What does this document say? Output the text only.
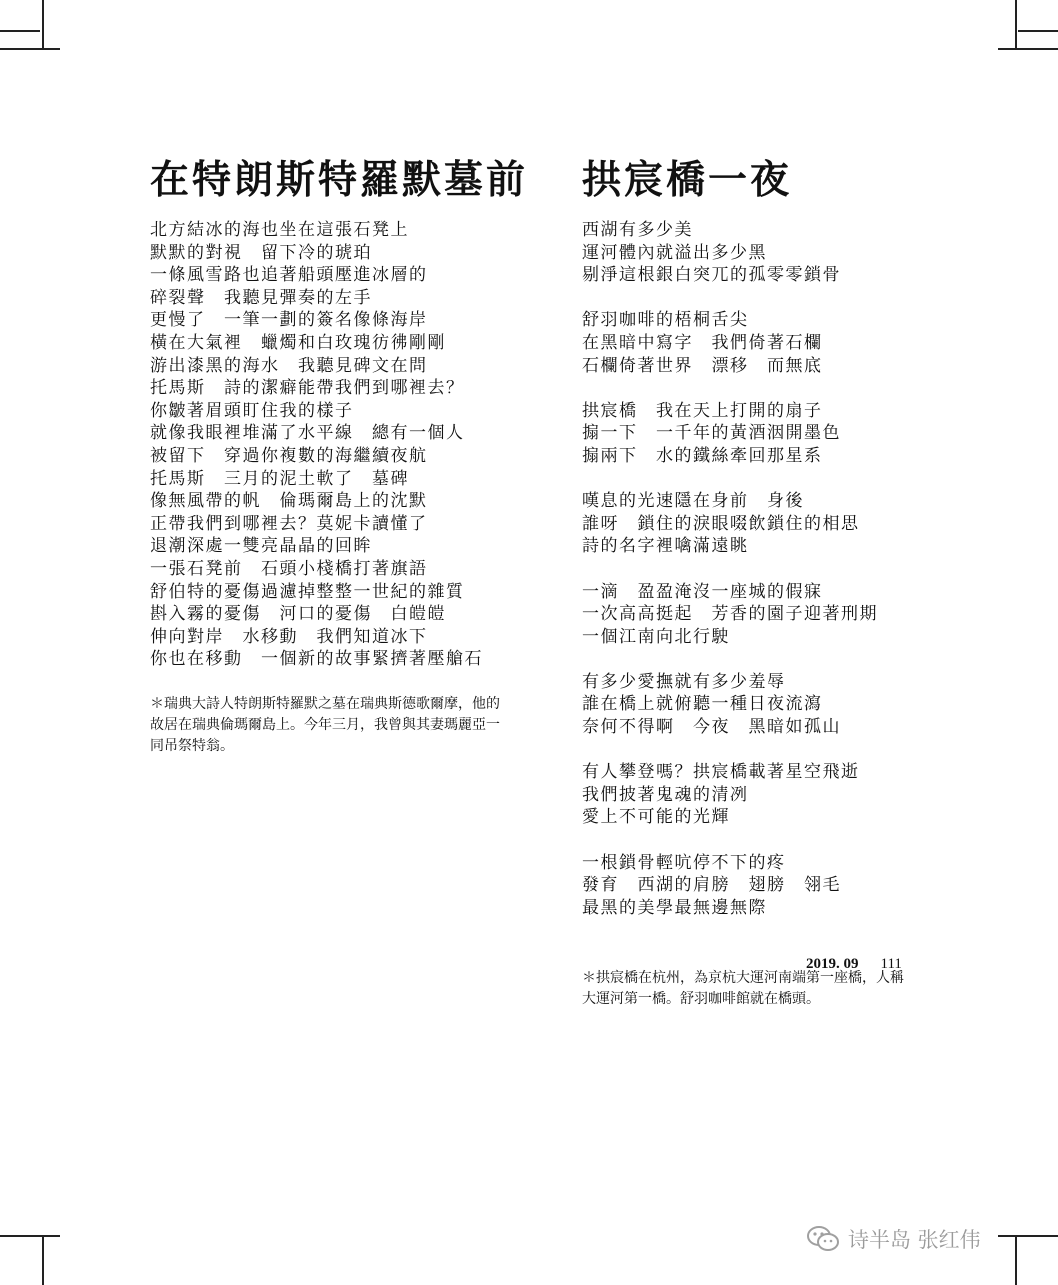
在特朗斯特羅默墓前
北方結冰的海也坐在這張石凳上
默默的對視　留下冷的琥珀
一條風雪路也追著船頭壓進冰層的
碎裂聲　我聽見彈奏的左手
更慢了　一筆一劃的簽名像條海岸
橫在大氣裡　蠟燭和白玫瑰彷彿剛剛
游出漆黑的海水　我聽見碑文在問
托馬斯　詩的潔癖能帶我們到哪裡去？
你皺著眉頭盯住我的樣子
就像我眼裡堆滿了水平線　總有一個人
被留下　穿過你複數的海繼續夜航
托馬斯　三月的泥土軟了　墓碑
像無風帶的帆　倫瑪爾島上的沈默
正帶我們到哪裡去？莫妮卡讀懂了
退潮深處一雙亮晶晶的回眸
一張石凳前　石頭小棧橋打著旗語
舒伯特的憂傷過濾掉整整一世紀的雜質
斟入霧的憂傷　河口的憂傷　白皚皚
伸向對岸　水移動　我們知道冰下
你也在移動　一個新的故事緊擠著壓艙石
＊瑞典大詩人特朗斯特羅默之墓在瑞典斯德歌爾摩，他的
故居在瑞典倫瑪爾島上。今年三月，我曾與其妻瑪麗亞一
同吊祭特翁。
拱宸橋一夜
西湖有多少美
運河體內就溢出多少黑
剔淨這根銀白突兀的孤零零鎖骨
舒羽咖啡的梧桐舌尖
在黑暗中寫字　我們倚著石欄
石欄倚著世界　漂移　而無底
拱宸橋　我在天上打開的扇子
搧一下　一千年的黃酒洇開墨色
搧兩下　水的鐵絲牽回那星系
嘆息的光速隱在身前　身後
誰呀　鎖住的淚眼啜飲鎖住的相思
詩的名字裡噙滿遠眺
一滴　盈盈淹沒一座城的假寐
一次高高挺起　芳香的園子迎著刑期
一個江南向北行駛
有多少愛撫就有多少羞辱
誰在橋上就俯聽一種日夜流瀉
奈何不得啊　今夜　黑暗如孤山
有人攀登嗎？拱宸橋載著星空飛逝
我們披著鬼魂的清冽
愛上不可能的光輝
一根鎖骨輕吭停不下的疼
發育　西湖的肩膀　翅膀　翎毛
最黑的美學最無邊無際
＊拱宸橋在杭州，為京杭大運河南端第一座橋，人稱
大運河第一橋。舒羽咖啡館就在橋頭。
2019. 09 111
诗半岛 张红伟
